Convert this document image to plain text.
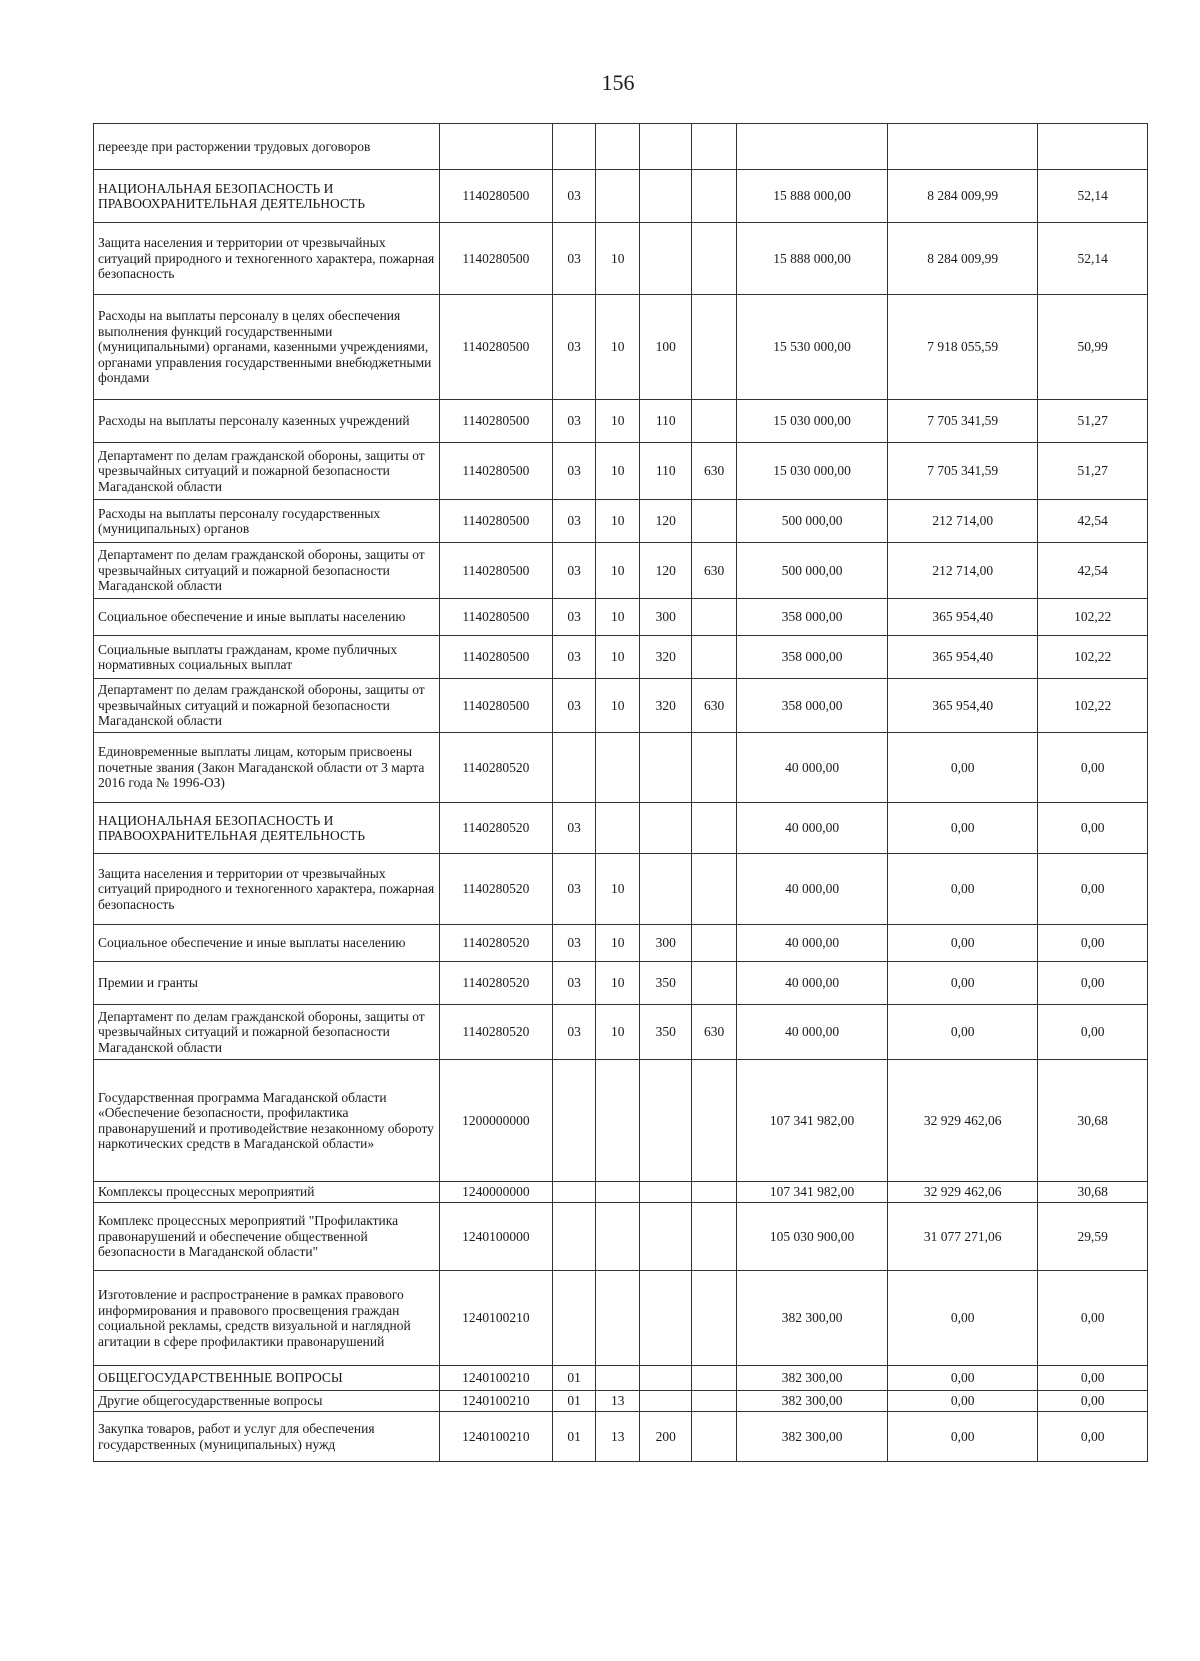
156
переезде при расторжении трудовых договоров								
НАЦИОНАЛЬНАЯ БЕЗОПАСНОСТЬ И ПРАВООХРАНИТЕЛЬНАЯ ДЕЯТЕЛЬНОСТЬ	1140280500	03				15 888 000,00	8 284 009,99	52,14
Защита населения и территории от чрезвычайных ситуаций природного и техногенного характера, пожарная безопасность	1140280500	03	10			15 888 000,00	8 284 009,99	52,14
Расходы на выплаты персоналу в целях обеспечения выполнения функций государственными (муниципальными) органами, казенными учреждениями, органами управления государственными внебюджетными фондами	1140280500	03	10	100		15 530 000,00	7 918 055,59	50,99
Расходы на выплаты персоналу казенных учреждений	1140280500	03	10	110		15 030 000,00	7 705 341,59	51,27
Департамент по делам гражданской обороны, защиты от чрезвычайных ситуаций и пожарной безопасности Магаданской области	1140280500	03	10	110	630	15 030 000,00	7 705 341,59	51,27
Расходы на выплаты персоналу государственных (муниципальных) органов	1140280500	03	10	120		500 000,00	212 714,00	42,54
Департамент по делам гражданской обороны, защиты от чрезвычайных ситуаций и пожарной безопасности Магаданской области	1140280500	03	10	120	630	500 000,00	212 714,00	42,54
Социальное обеспечение и иные выплаты населению	1140280500	03	10	300		358 000,00	365 954,40	102,22
Социальные выплаты гражданам, кроме публичных нормативных социальных выплат	1140280500	03	10	320		358 000,00	365 954,40	102,22
Департамент по делам гражданской обороны, защиты от чрезвычайных ситуаций и пожарной безопасности Магаданской области	1140280500	03	10	320	630	358 000,00	365 954,40	102,22
Единовременные выплаты лицам, которым присвоены почетные звания (Закон Магаданской области от 3 марта 2016 года № 1996-ОЗ)	1140280520					40 000,00	0,00	0,00
НАЦИОНАЛЬНАЯ БЕЗОПАСНОСТЬ И ПРАВООХРАНИТЕЛЬНАЯ ДЕЯТЕЛЬНОСТЬ	1140280520	03				40 000,00	0,00	0,00
Защита населения и территории от чрезвычайных ситуаций природного и техногенного характера, пожарная безопасность	1140280520	03	10			40 000,00	0,00	0,00
Социальное обеспечение и иные выплаты населению	1140280520	03	10	300		40 000,00	0,00	0,00
Премии и гранты	1140280520	03	10	350		40 000,00	0,00	0,00
Департамент по делам гражданской обороны, защиты от чрезвычайных ситуаций и пожарной безопасности Магаданской области	1140280520	03	10	350	630	40 000,00	0,00	0,00
Государственная программа Магаданской области «Обеспечение безопасности, профилактика правонарушений и противодействие незаконному обороту наркотических средств в Магаданской области»	1200000000					107 341 982,00	32 929 462,06	30,68
Комплексы процессных мероприятий	1240000000					107 341 982,00	32 929 462,06	30,68
Комплекс процессных мероприятий "Профилактика правонарушений и обеспечение общественной безопасности в Магаданской области"	1240100000					105 030 900,00	31 077 271,06	29,59
Изготовление и распространение в рамках правового информирования и правового просвещения граждан социальной рекламы, средств визуальной и наглядной агитации в сфере профилактики правонарушений	1240100210					382 300,00	0,00	0,00
ОБЩЕГОСУДАРСТВЕННЫЕ ВОПРОСЫ	1240100210	01				382 300,00	0,00	0,00
Другие общегосударственные вопросы	1240100210	01	13			382 300,00	0,00	0,00
Закупка товаров, работ и услуг для обеспечения государственных (муниципальных) нужд	1240100210	01	13	200		382 300,00	0,00	0,00
